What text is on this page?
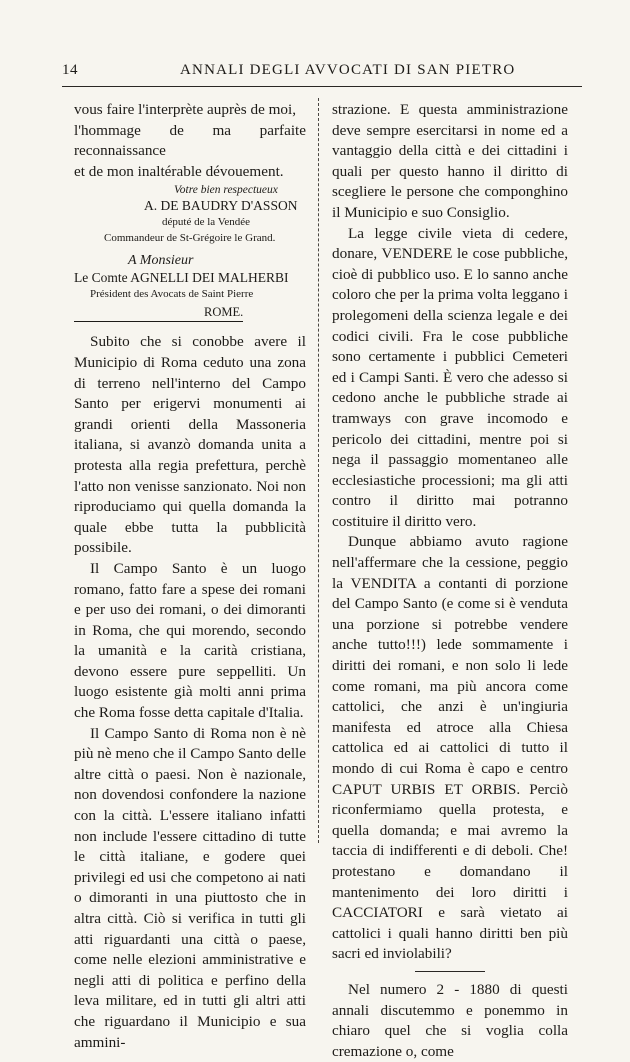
14	ANNALI DEGLI AVVOCATI DI SAN PIETRO

vous faire l'interprète auprès de moi,

l'hommage de ma parfaite reconnaissance

et de mon inaltérable dévouement.

Votre bien respectueux
A. DE BAUDRY D'ASSON
député de la Vendée
Commandeur de St-Grégoire le Grand.
A Monsieur
Le Comte AGNELLI DEI MALHERBI
Président des Avocats de Saint Pierre
ROME.

Subito che si conobbe avere il Municipio di Roma ceduto una zona di terreno nell'interno del Campo Santo per erigervi monumenti ai grandi orienti della Massoneria italiana, si avanzò domanda unita a protesta alla regia prefettura, perchè l'atto non venisse sanzionato. Noi non riproduciamo qui quella domanda la quale ebbe tutta la pubblicità possibile.

Il Campo Santo è un luogo romano, fatto fare a spese dei romani e per uso dei romani, o dei dimoranti in Roma, che qui morendo, secondo la umanità e la carità cristiana, devono essere pure seppelliti. Un luogo esistente già molti anni prima che Roma fosse detta capitale d'Italia.

Il Campo Santo di Roma non è nè più nè meno che il Campo Santo delle altre città o paesi. Non è nazionale, non dovendosi confondere la nazione con la città. L'essere italiano infatti non include l'essere cittadino di tutte le città italiane, e godere quei privilegi ed usi che competono ai nati o dimoranti in una piuttosto che in altra città. Ciò si verifica in tutti gli atti riguardanti una città o paese, come nelle elezioni amministrative e negli atti di politica e perfino della leva militare, ed in tutti gli altri atti che riguardano il Municipio e sua ammini-

strazione. E questa amministrazione deve sempre esercitarsi in nome ed a vantaggio della città e dei cittadini i quali per questo hanno il diritto di scegliere le persone che componghino il Municipio e suo Consiglio.

La legge civile vieta di cedere, donare, VENDERE le cose pubbliche, cioè di pubblico uso. E lo sanno anche coloro che per la prima volta leggano i prolegomeni della scienza legale e dei codici civili. Fra le cose pubbliche sono certamente i pubblici Cemeteri ed i Campi Santi. È vero che adesso si cedono anche le pubbliche strade ai tramways con grave incomodo e pericolo dei cittadini, mentre poi si nega il passaggio momentaneo alle ecclesiastiche processioni; ma gli atti contro il diritto mai potranno costituire il diritto vero.

Dunque abbiamo avuto ragione nell'affermare che la cessione, peggio la VENDITA a contanti di porzione del Campo Santo (e come si è venduta una porzione si potrebbe vendere anche tutto!!!) lede sommamente i diritti dei romani, e non solo li lede come romani, ma più ancora come cattolici, che anzi è un'ingiuria manifesta ed atroce alla Chiesa cattolica ed ai cattolici di tutto il mondo di cui Roma è capo e centro CAPUT URBIS ET ORBIS. Perciò riconfermiamo quella protesta, e quella domanda; e mai avremo la taccia di indifferenti e di deboli. Che! protestano e domandano il mantenimento dei loro diritti i CACCIATORI e sarà vietato ai cattolici i quali hanno diritti ben più sacri ed inviolabili?

Nel numero 2 - 1880 di questi annali discutemmo e ponemmo in chiaro quel che si voglia colla cremazione o, come
